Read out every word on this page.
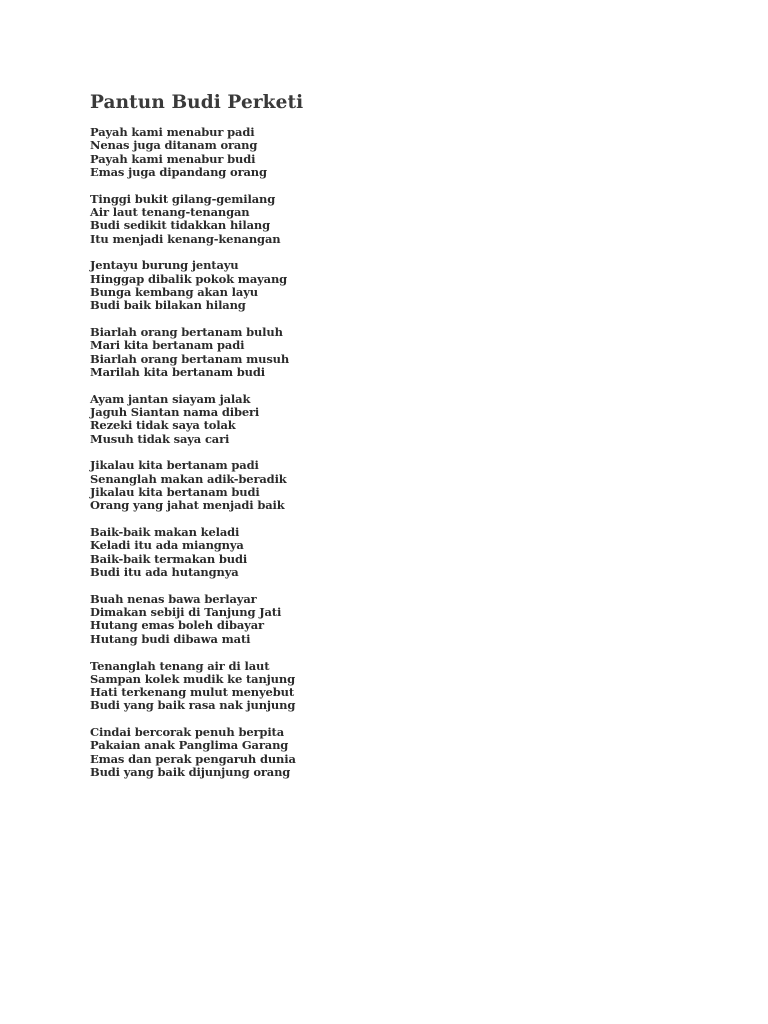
Pantun Budi Perketi
Payah kami menabur padi
Nenas juga ditanam orang
Payah kami menabur budi
Emas juga dipandang orang
Tinggi bukit gilang-gemilang
Air laut tenang-tenangan
Budi sedikit tidakkan hilang
Itu menjadi kenang-kenangan
Jentayu burung jentayu
Hinggap dibalik pokok mayang
Bunga kembang akan layu
Budi baik bilakan hilang
Biarlah orang bertanam buluh
Mari kita bertanam padi
Biarlah orang bertanam musuh
Marilah kita bertanam budi
Ayam jantan siayam jalak
Jaguh Siantan nama diberi
Rezeki tidak saya tolak
Musuh tidak saya cari
Jikalau kita bertanam padi
Senanglah makan adik-beradik
Jikalau kita bertanam budi
Orang yang jahat menjadi baik
Baik-baik makan keladi
Keladi itu ada miangnya
Baik-baik termakan budi
Budi itu ada hutangnya
Buah nenas bawa berlayar
Dimakan sebiji di Tanjung Jati
Hutang emas boleh dibayar
Hutang budi dibawa mati
Tenanglah tenang air di laut
Sampan kolek mudik ke tanjung
Hati terkenang mulut menyebut
Budi yang baik rasa nak junjung
Cindai bercorak penuh berpita
Pakaian anak Panglima Garang
Emas dan perak pengaruh dunia
Budi yang baik dijunjung orang
